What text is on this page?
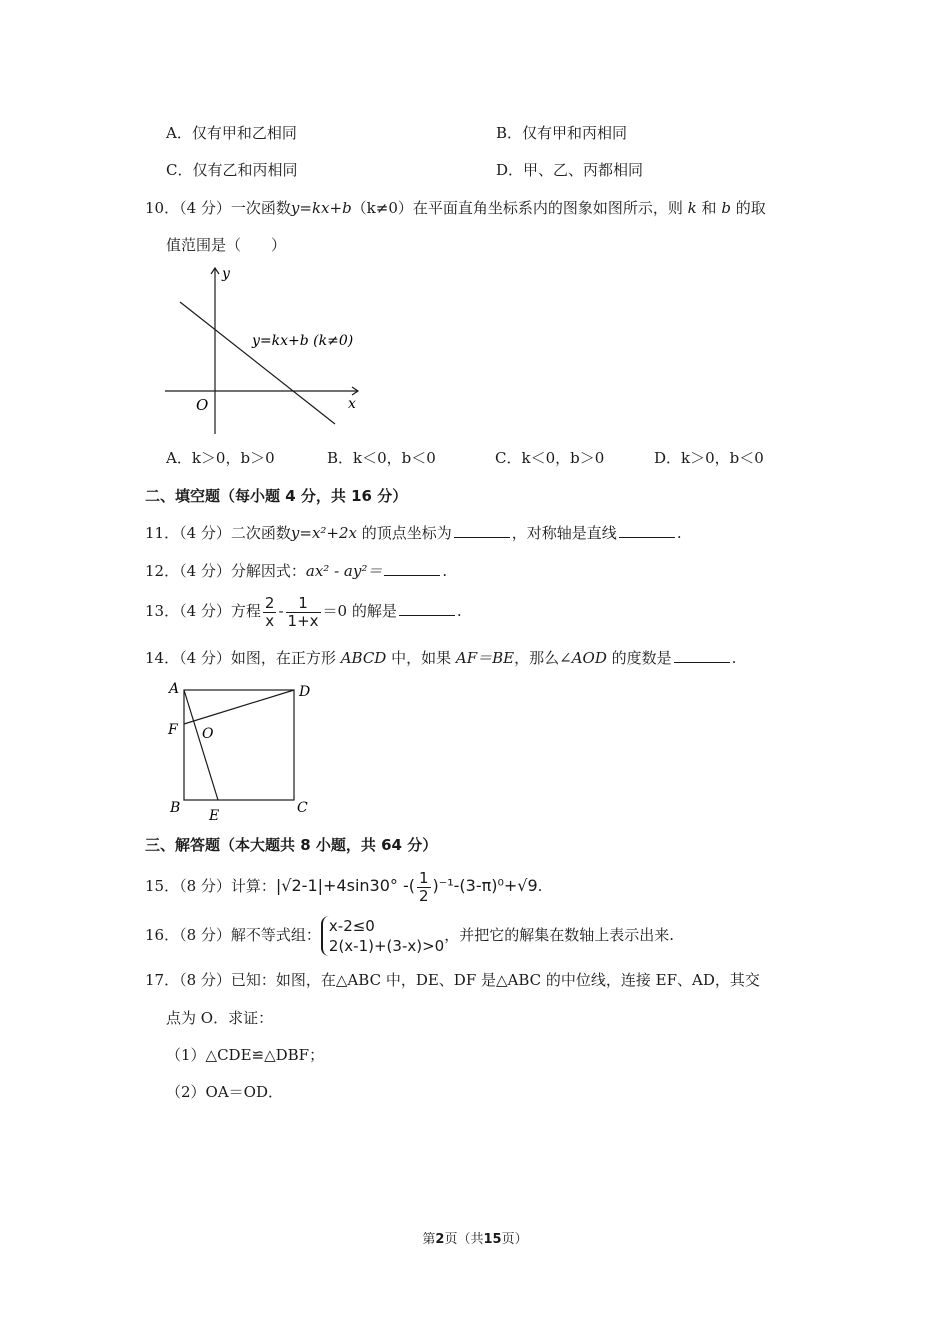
A．仅有甲和乙相同	B．仅有甲和丙相同
C．仅有乙和丙相同	D．甲、乙、丙都相同
10．（4 分）一次函数y=kx+b（k≠0）在平面直角坐标系内的图象如图所示，则 k 和 b 的取
值范围是（　　）
y
x
O
y=kx+b (k≠0)
A．k＞0，b＞0	B．k＜0，b＜0	C．k＜0，b＞0	D．k＞0，b＜0
二、填空题（每小题 4 分，共 16 分）
11．（4 分）二次函数y=x²+2x 的顶点坐标为	，对称轴是直线	.
12．（4 分）分解因式：ax² - ay²＝	.
13．（4 分）方程 $\frac{2}{x} - \frac{1}{1+x} =0$ 的解是	.
14．（4 分）如图，在正方形 ABCD 中，如果 AF＝BE，那么∠AOD 的度数是	.
A	D
F O
B E	C
三、解答题（本大题共 8 小题，共 64 分）
15．（8 分）计算：|√2-1|+4sin30° -( $\frac{1}{2} )^{-1}-(3-\pi)^0+√9$.
16．（8 分）解不等式组： x-2≤0
2(x-1)+(3-x)>0
，并把它的解集在数轴上表示出来.
17．（8 分）已知：如图，在△ABC 中，DE、DF 是△ABC 的中位线，连接 EF、AD，其交
点为 O．求证：
（1）△CDE≌△DBF；
（2）OA＝OD．
第2页（共15页）
